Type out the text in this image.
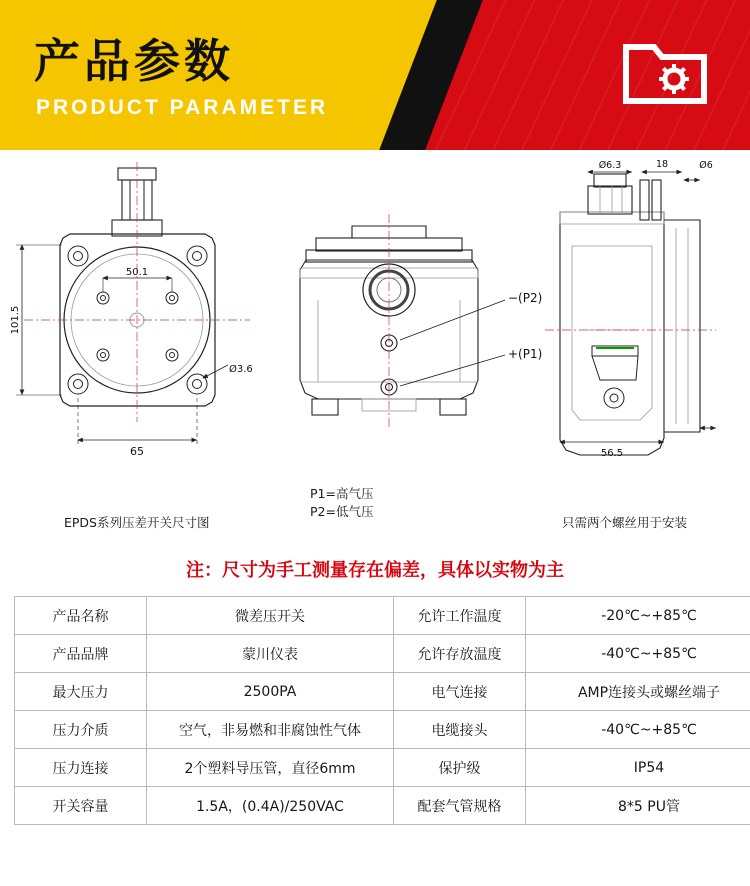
产品参数
PRODUCT PARAMETER
101.5
50.1
65
Ø3.6
−(P2)
+(P1)
Ø6.3	18	Ø6
56.5
EPDS系列压差开关尺寸图
P1=高气压
P2=低气压
只需两个螺丝用于安装
注：尺寸为手工测量存在偏差，具体以实物为主
产品名称	微差压开关	允许工作温度	-20℃~+85℃
产品品牌	蒙川仪表	允许存放温度	-40℃~+85℃
最大压力	2500PA	电气连接	AMP连接头或螺丝端子
压力介质	空气，非易燃和非腐蚀性气体	电缆接头	-40℃~+85℃
压力连接	2个塑料导压管，直径6mm	保护级	IP54
开关容量	1.5A，(0.4A)/250VAC	配套气管规格	8*5 PU管
